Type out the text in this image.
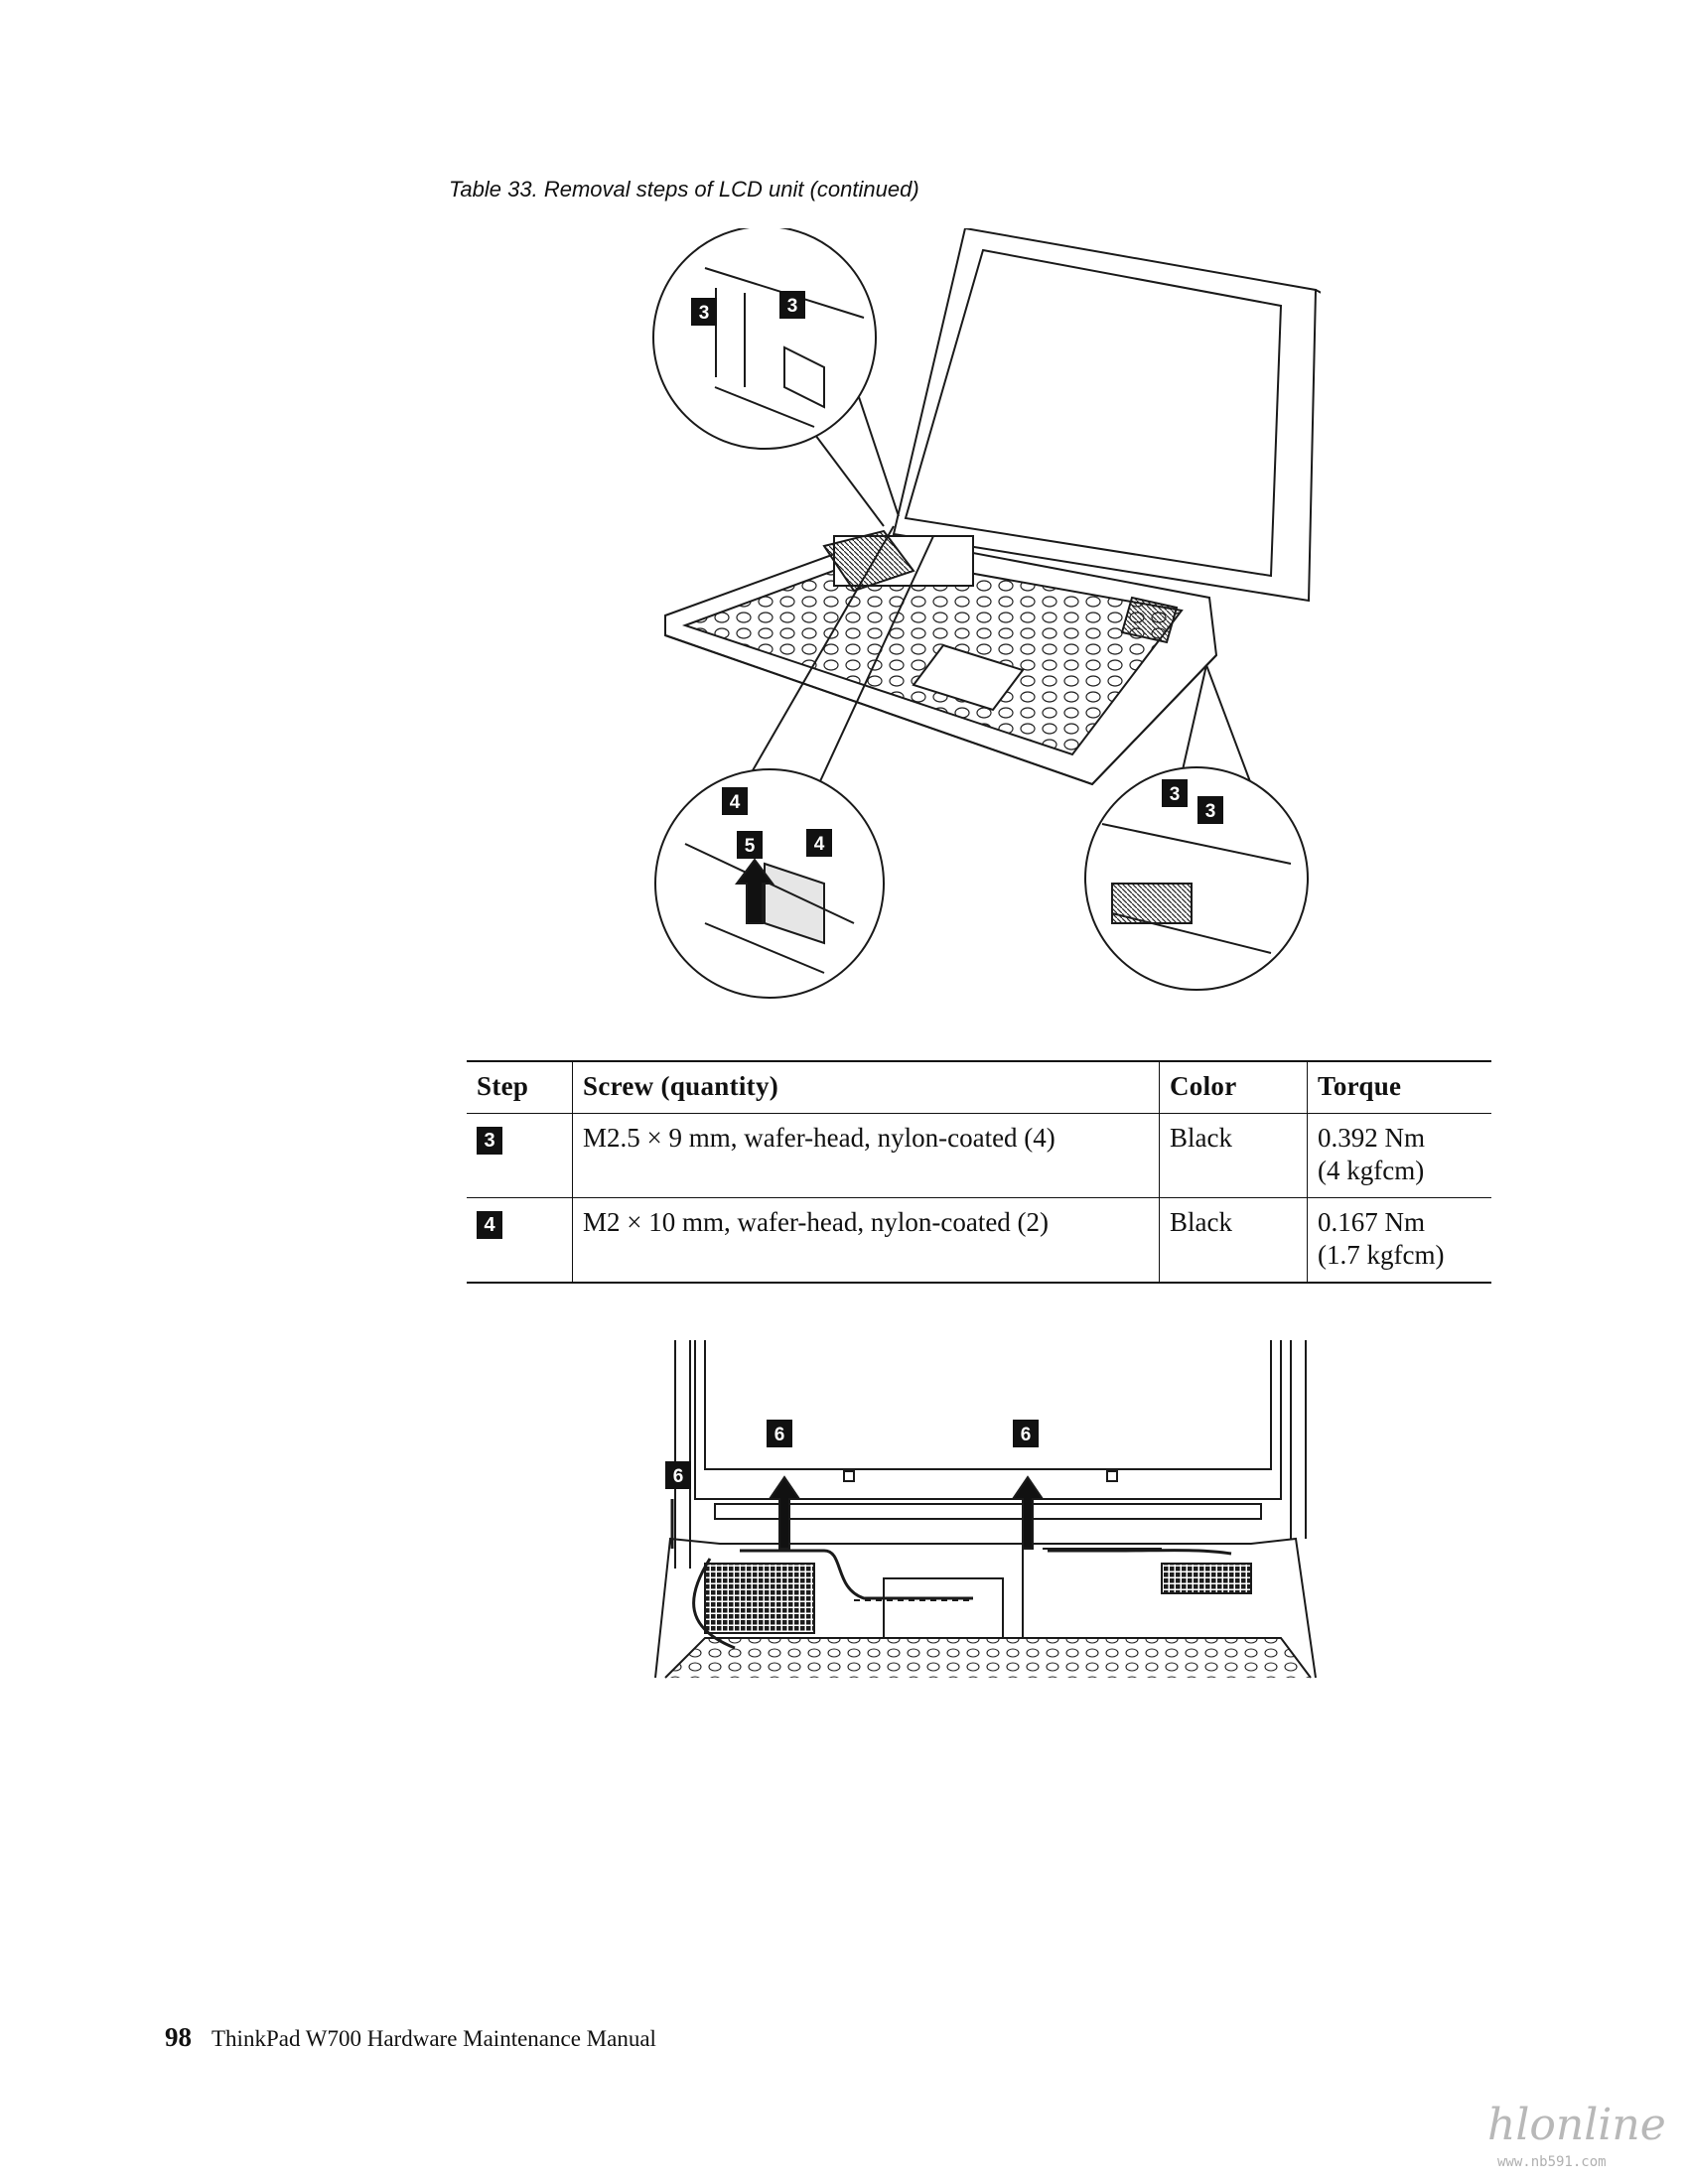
Table 33. Removal steps of LCD unit (continued)
3	3
3
3
4
4
5
Step	Screw (quantity)	Color	Torque
3	M2.5 × 9 mm, wafer-head, nylon-coated (4)	Black	0.392 Nm
(4 kgfcm)

4	M2 × 10 mm, wafer-head, nylon-coated (2)	Black	0.167 Nm
(1.7 kgfcm)
6	6
6
98 ThinkPad W700 Hardware Maintenance Manual
hlonline
www.nb591.com
